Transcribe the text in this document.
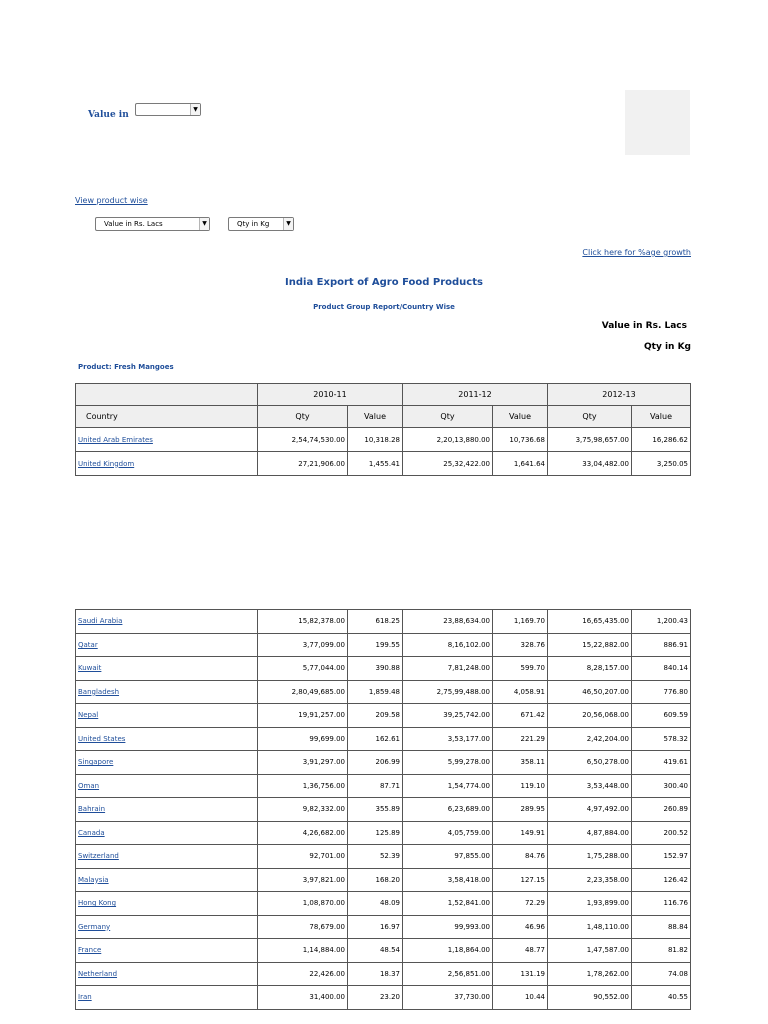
Value in
▼
View product wise
Value in Rs. Lacs	▼	Qty in Kg	▼
Click here for %age growth
India Export of Agro Food Products
Product Group Report/Country Wise
Value in Rs. Lacs
Qty in Kg
Product: Fresh Mangoes
	2010-11		2011-12		2012-13	
Country	Qty	Value	Qty	Value	Qty	Value
United Arab Emirates	2,54,74,530.00	10,318.28	2,20,13,880.00	10,736.68	3,75,98,657.00	16,286.62
United Kingdom	27,21,906.00	1,455.41	25,32,422.00	1,641.64	33,04,482.00	3,250.05
Saudi Arabia	15,82,378.00	618.25	23,88,634.00	1,169.70	16,65,435.00	1,200.43
Qatar	3,77,099.00	199.55	8,16,102.00	328.76	15,22,882.00	886.91
Kuwait	5,77,044.00	390.88	7,81,248.00	599.70	8,28,157.00	840.14
Bangladesh	2,80,49,685.00	1,859.48	2,75,99,488.00	4,058.91	46,50,207.00	776.80
Nepal	19,91,257.00	209.58	39,25,742.00	671.42	20,56,068.00	609.59
United States	99,699.00	162.61	3,53,177.00	221.29	2,42,204.00	578.32
Singapore	3,91,297.00	206.99	5,99,278.00	358.11	6,50,278.00	419.61
Oman	1,36,756.00	87.71	1,54,774.00	119.10	3,53,448.00	300.40
Bahrain	9,82,332.00	355.89	6,23,689.00	289.95	4,97,492.00	260.89
Canada	4,26,682.00	125.89	4,05,759.00	149.91	4,87,884.00	200.52
Switzerland	92,701.00	52.39	97,855.00	84.76	1,75,288.00	152.97
Malaysia	3,97,821.00	168.20	3,58,418.00	127.15	2,23,358.00	126.42
Hong Kong	1,08,870.00	48.09	1,52,841.00	72.29	1,93,899.00	116.76
Germany	78,679.00	16.97	99,993.00	46.96	1,48,110.00	88.84
France	1,14,884.00	48.54	1,18,864.00	48.77	1,47,587.00	81.82
Netherland	22,426.00	18.37	2,56,851.00	131.19	1,78,262.00	74.08
Iran	31,400.00	23.20	37,730.00	10.44	90,552.00	40.55
